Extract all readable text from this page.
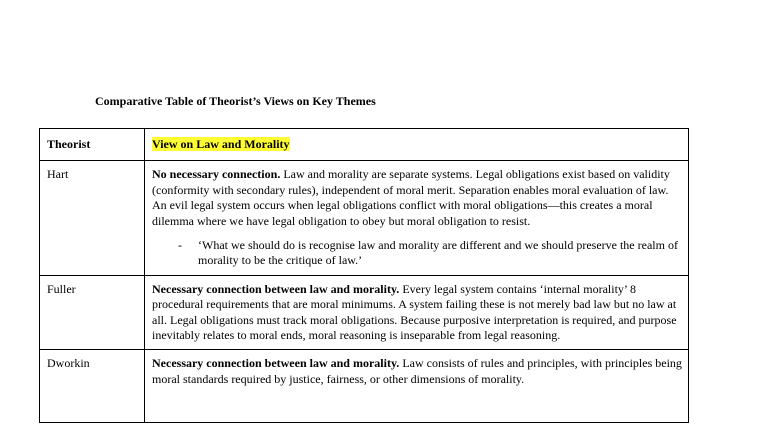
Comparative Table of Theorist’s Views on Key Themes
Theorist	View on Law and Morality
Hart	No necessary connection. Law and morality are separate systems. Legal obligations exist based on validity (conformity with secondary rules), independent of moral merit. Separation enables moral evaluation of law. An evil legal system occurs when legal obligations conflict with moral obligations—this creates a moral dilemma where we have legal obligation to obey but moral obligation to resist.
- ‘What we should do is recognise law and morality are different and we should preserve the realm of morality to be the critique of law.’

Fuller	Necessary connection between law and morality. Every legal system contains ‘internal morality’ 8 procedural requirements that are moral minimums. A system failing these is not merely bad law but no law at all. Legal obligations must track moral obligations. Because purposive interpretation is required, and purpose inevitably relates to moral ends, moral reasoning is inseparable from legal reasoning.
Dworkin	Necessary connection between law and morality. Law consists of rules and principles, with principles being moral standards required by justice, fairness, or other dimensions of morality.
